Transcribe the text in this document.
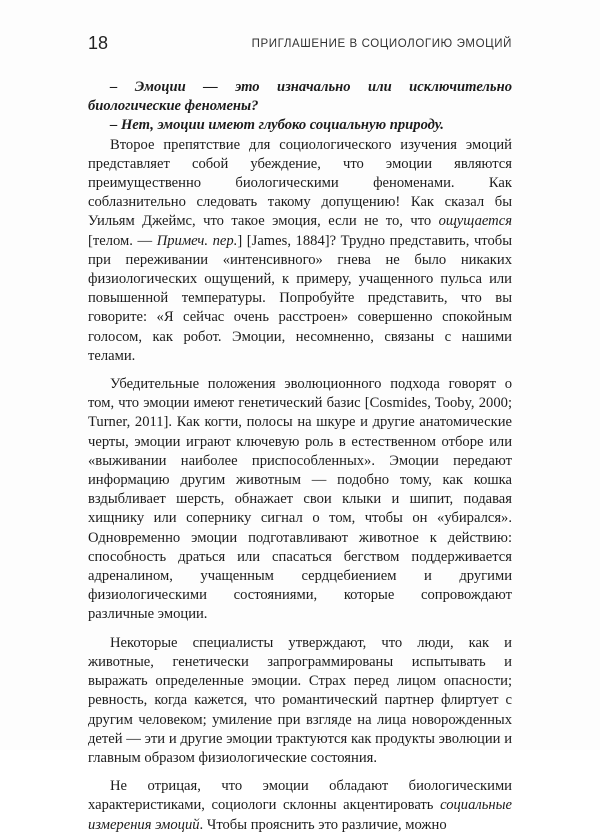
18	ПРИГЛАШЕНИЕ В СОЦИОЛОГИЮ ЭМОЦИЙ

– Эмоции — это изначально или исключительно биологические феномены?

– Нет, эмоции имеют глубоко социальную природу.

Второе препятствие для социологического изучения эмоций представляет собой убеждение, что эмоции являются преимущественно биологическими феноменами. Как соблазнительно следовать такому допущению! Как сказал бы Уильям Джеймс, что такое эмоция, если не то, что ощущается [телом. — Примеч. пер.] [James, 1884]? Трудно представить, чтобы при переживании «интенсивного» гнева не было никаких физиологических ощущений, к примеру, учащенного пульса или повышенной температуры. Попробуйте представить, что вы говорите: «Я сейчас очень расстроен» совершенно спокойным голосом, как робот. Эмоции, несомненно, связаны с нашими телами.

Убедительные положения эволюционного подхода говорят о том, что эмоции имеют генетический базис [Cosmides, Tooby, 2000; Turner, 2011]. Как когти, полосы на шкуре и другие анатомические черты, эмоции играют ключевую роль в естественном отборе или «выживании наиболее приспособленных». Эмоции передают информацию другим животным — подобно тому, как кошка вздыбливает шерсть, обнажает свои клыки и шипит, подавая хищнику или сопернику сигнал о том, чтобы он «убирался». Одновременно эмоции подготавливают животное к действию: способность драться или спасаться бегством поддерживается адреналином, учащенным сердцебиением и другими физиологическими состояниями, которые сопровождают различные эмоции.

Некоторые специалисты утверждают, что люди, как и животные, генетически запрограммированы испытывать и выражать определенные эмоции. Страх перед лицом опасности; ревность, когда кажется, что романтический партнер флиртует с другим человеком; умиление при взгляде на лица новорожденных детей — эти и другие эмоции трактуются как продукты эволюции и главным образом физиологические состояния.

Не отрицая, что эмоции обладают биологическими характеристиками, социологи склонны акцентировать социальные измерения эмоций. Чтобы прояснить это различие, можно
